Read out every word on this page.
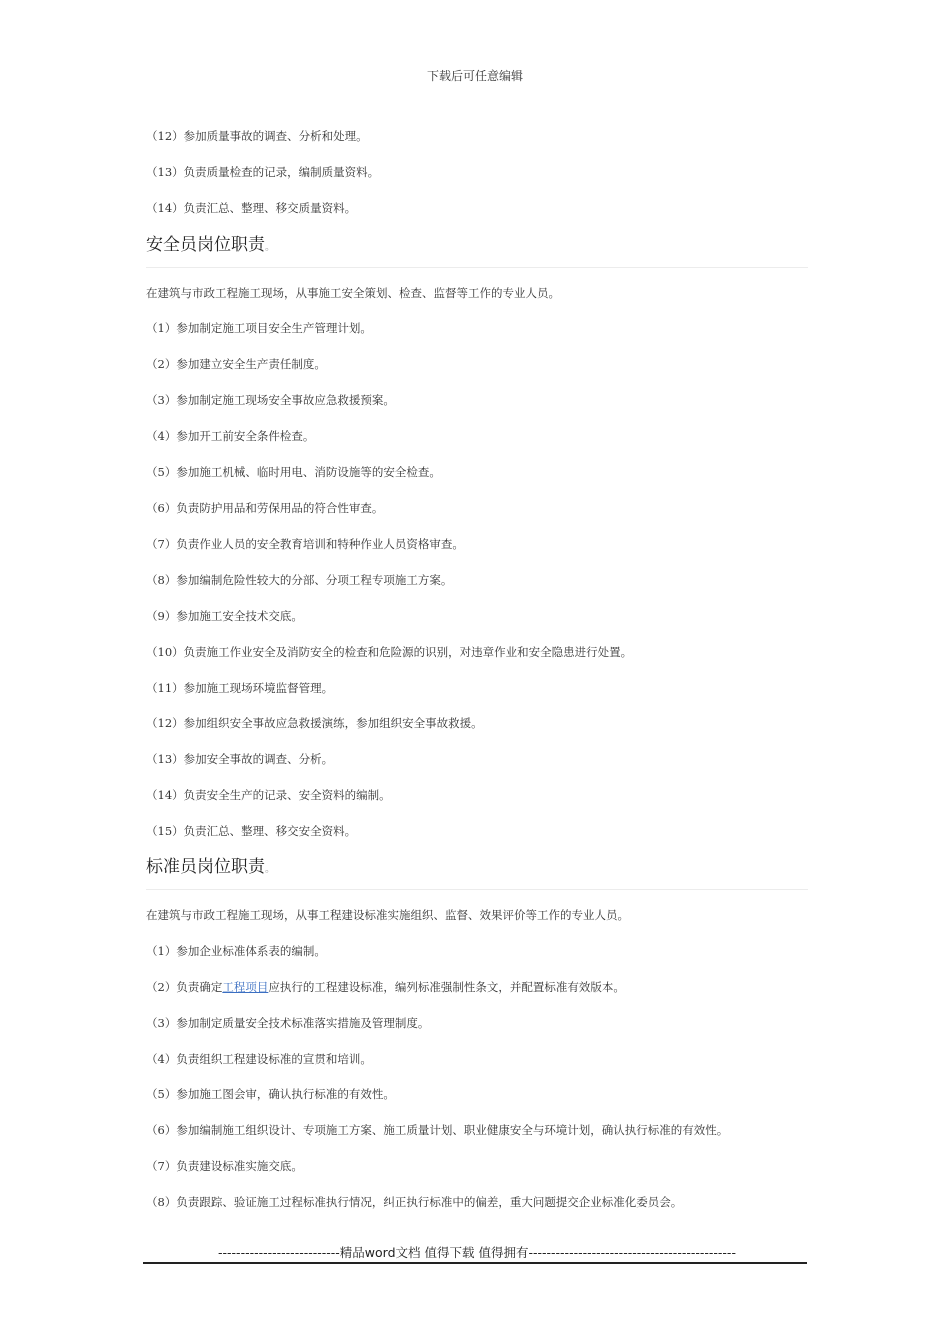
下载后可任意编辑
（12）参加质量事故的调查、分析和处理。
（13）负责质量检查的记录，编制质量资料。
（14）负责汇总、整理、移交质量资料。
安全员岗位职责。
在建筑与市政工程施工现场，从事施工安全策划、检查、监督等工作的专业人员。
（1）参加制定施工项目安全生产管理计划。
（2）参加建立安全生产责任制度。
（3）参加制定施工现场安全事故应急救援预案。
（4）参加开工前安全条件检查。
（5）参加施工机械、临时用电、消防设施等的安全检查。
（6）负责防护用品和劳保用品的符合性审查。
（7）负责作业人员的安全教育培训和特种作业人员资格审查。
（8）参加编制危险性较大的分部、分项工程专项施工方案。
（9）参加施工安全技术交底。
（10）负责施工作业安全及消防安全的检查和危险源的识别，对违章作业和安全隐患进行处置。
（11）参加施工现场环境监督管理。
（12）参加组织安全事故应急救援演练，参加组织安全事故救援。
（13）参加安全事故的调查、分析。
（14）负责安全生产的记录、安全资料的编制。
（15）负责汇总、整理、移交安全资料。
标准员岗位职责。
在建筑与市政工程施工现场，从事工程建设标准实施组织、监督、效果评价等工作的专业人员。
（1）参加企业标准体系表的编制。
（2）负责确定工程项目应执行的工程建设标准，编列标准强制性条文，并配置标准有效版本。
（3）参加制定质量安全技术标准落实措施及管理制度。
（4）负责组织工程建设标准的宣贯和培训。
（5）参加施工图会审，确认执行标准的有效性。
（6）参加编制施工组织设计、专项施工方案、施工质量计划、职业健康安全与环境计划，确认执行标准的有效性。
（7）负责建设标准实施交底。
（8）负责跟踪、验证施工过程标准执行情况，纠正执行标准中的偏差，重大问题提交企业标准化委员会。
---------------------------精品word文档 值得下载 值得拥有----------------------------------------------
